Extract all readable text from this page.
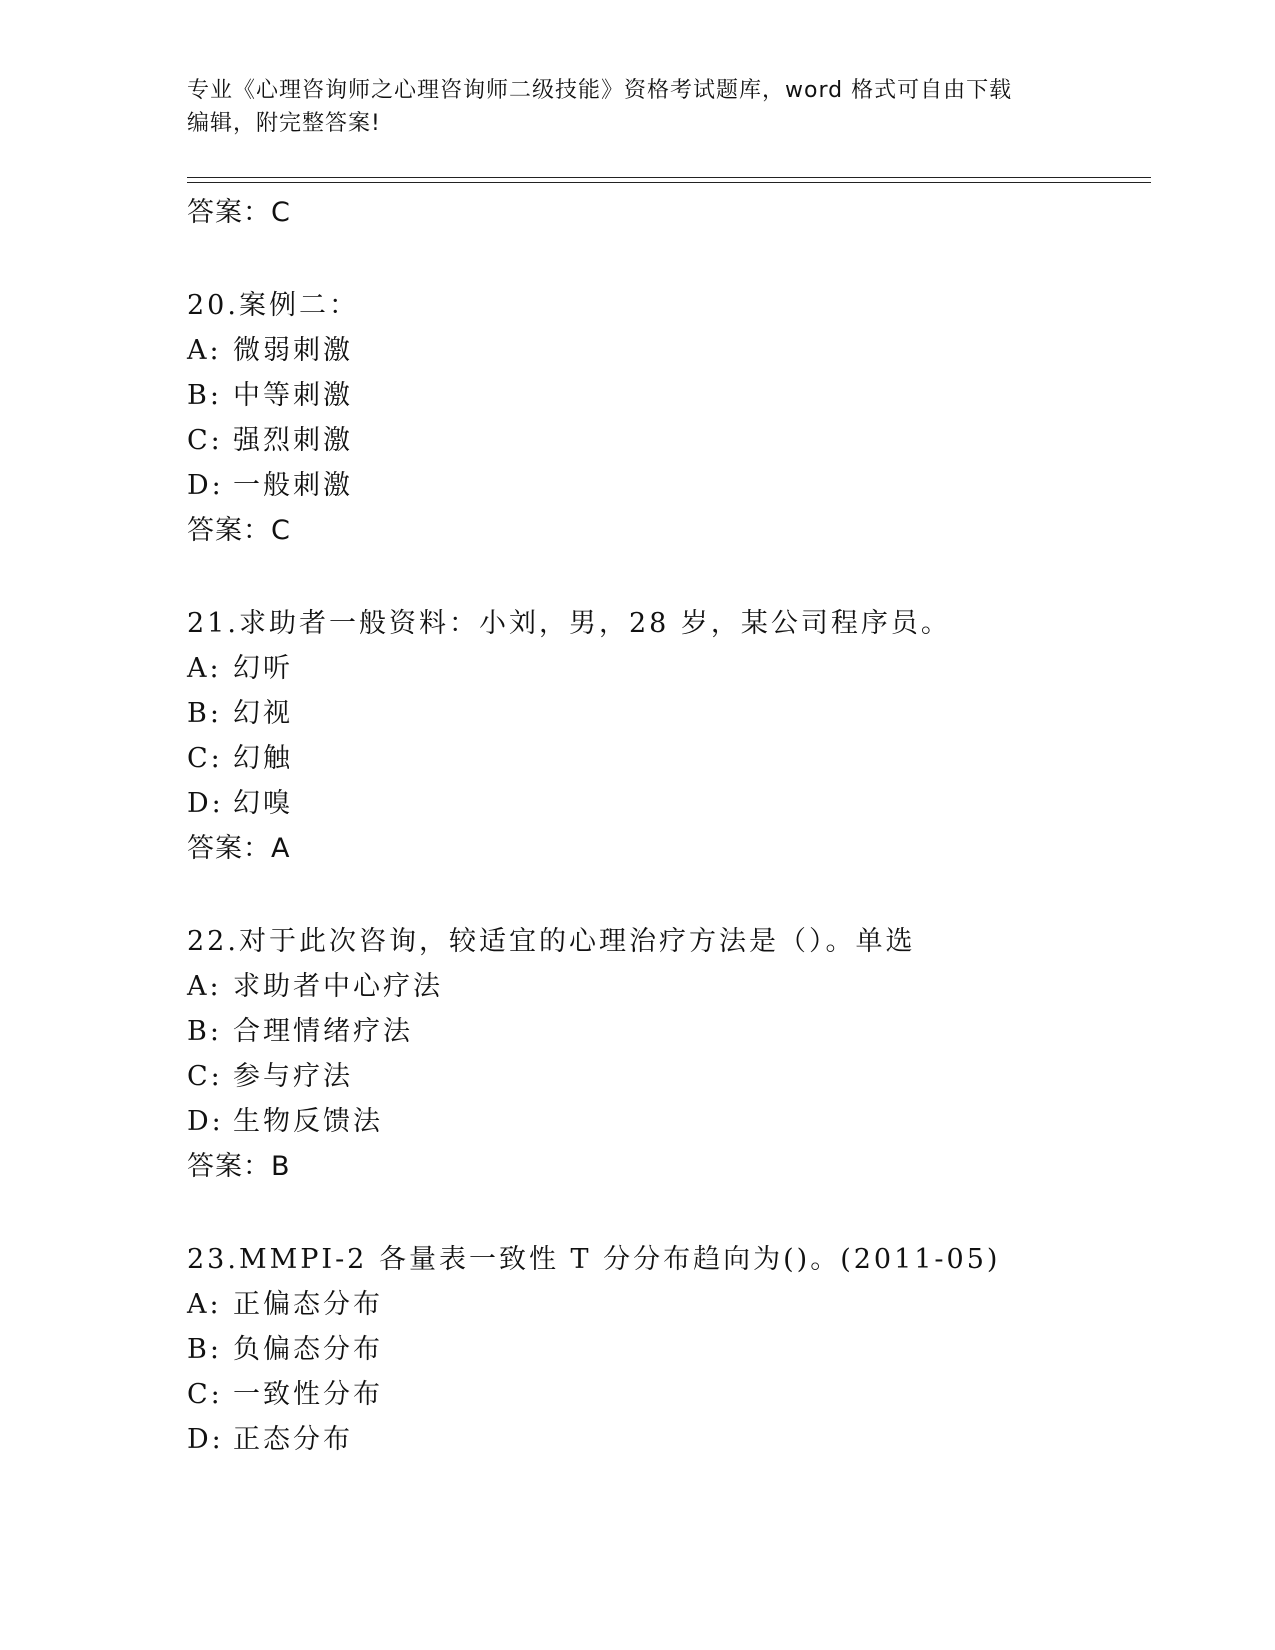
专业《心理咨询师之心理咨询师二级技能》资格考试题库，word 格式可自由下载
编辑，附完整答案!
答案：C
20.案例二：
A: 微弱刺激
B: 中等刺激
C: 强烈刺激
D: 一般刺激
答案：C
21.求助者一般资料：小刘，男，28 岁，某公司程序员。
A: 幻听
B: 幻视
C: 幻触
D: 幻嗅
答案：A
22.对于此次咨询，较适宜的心理治疗方法是（）。单选
A: 求助者中心疗法
B: 合理情绪疗法
C: 参与疗法
D: 生物反馈法
答案：B
23.MMPI-2 各量表一致性 T 分分布趋向为()。(2011-05)
A: 正偏态分布
B: 负偏态分布
C: 一致性分布
D: 正态分布
